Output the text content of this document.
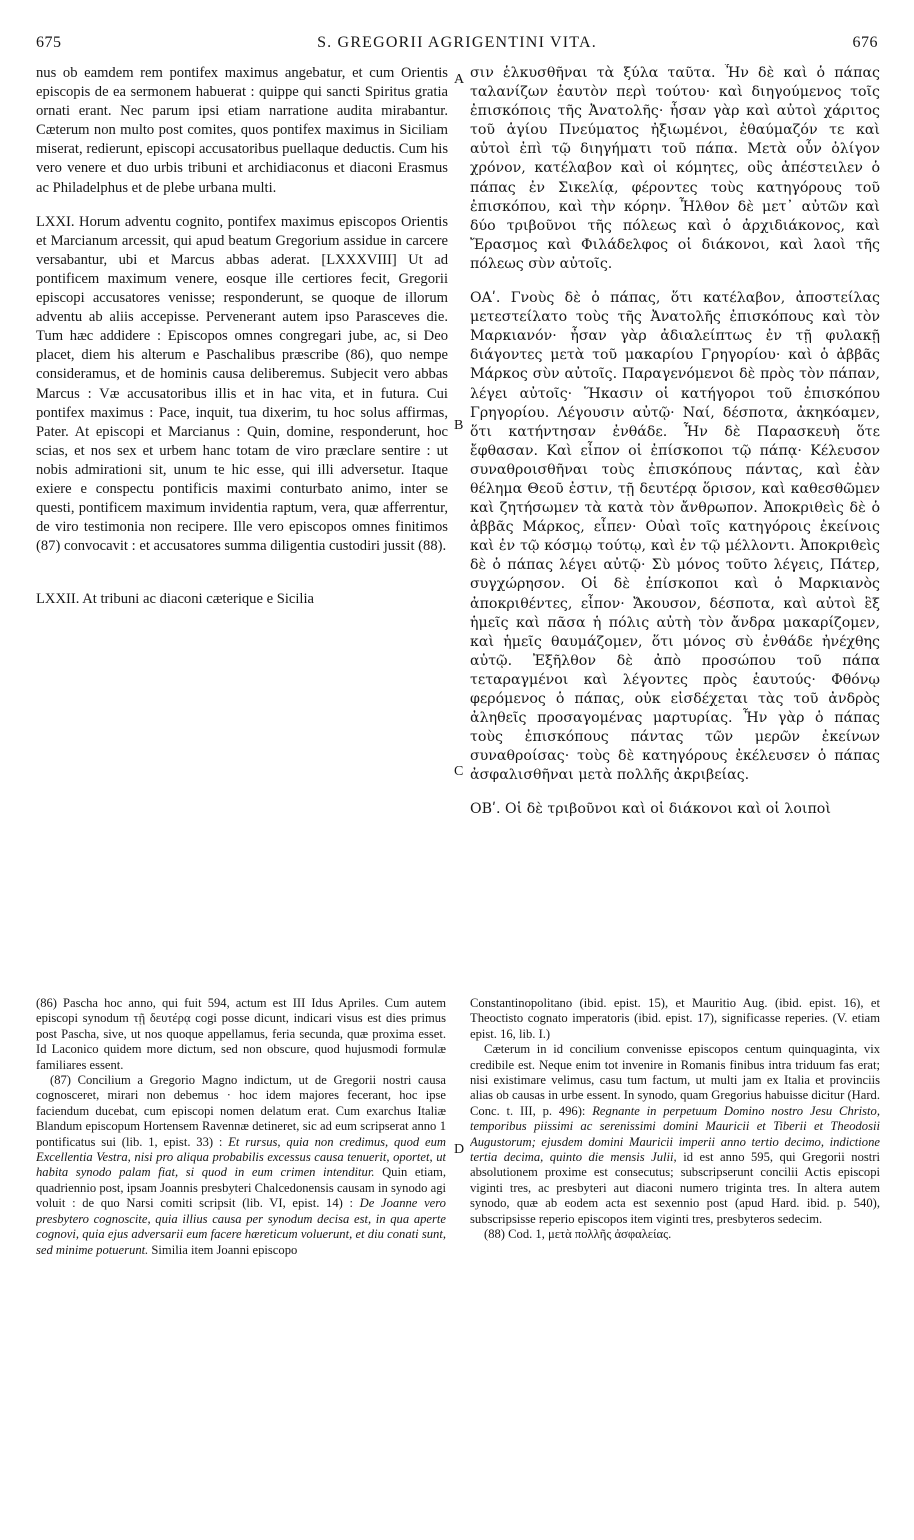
675	S. GREGORII AGRIGENTINI VITA.	676
A
B
C
D

nus ob eamdem rem pontifex maximus angebatur, et cum Orientis episcopis de ea sermonem habuerat : quippe qui sancti Spiritus gratia ornati erant. Nec parum ipsi etiam narratione audita mirabantur. Cæterum non multo post comites, quos pontifex maximus in Siciliam miserat, redierunt, episcopi accusatoribus puellaque deductis. Cum his vero venere et duo urbis tribuni et archidiaconus et diaconi Erasmus ac Philadelphus et de plebe urbana multi.

LXXI. Horum adventu cognito, pontifex maximus episcopos Orientis et Marcianum arcessit, qui apud beatum Gregorium assidue in carcere versabantur, ubi et Marcus abbas aderat. [LXXXVIII] Ut ad pontificem maximum venere, eosque ille certiores fecit, Gregorii episcopi accusatores venisse; responderunt, se quoque de illorum adventu ab aliis accepisse. Pervenerant autem ipso Parasceves die. Tum hæc addidere : Episcopos omnes congregari jube, ac, si Deo placet, diem his alterum e Paschalibus præscribe (86), quo nempe consideramus, et de hominis causa deliberemus. Subjecit vero abbas Marcus : Væ accusatoribus illis et in hac vita, et in futura. Cui pontifex maximus : Pace, inquit, tua dixerim, tu hoc solus affirmas, Pater. At episcopi et Marcianus : Quin, domine, responderunt, hoc scias, et nos sex et urbem hanc totam de viro præclare sentire : ut nobis admirationi sit, unum te hic esse, qui illi adversetur. Itaque exiere e conspectu pontificis maximi conturbato animo, inter se questi, pontificem maximum invidentia raptum, vera, quæ afferrentur, de viro testimonia non recipere. Ille vero episcopos omnes finitimos (87) convocavit : et accusatores summa diligentia custodiri jussit (88).

LXXII. At tribuni ac diaconi cæterique e Sicilia

σιν ἑλκυσθῆναι τὰ ξύλα ταῦτα. Ἦν δὲ καὶ ὁ πάπας ταλανίζων ἑαυτὸν περὶ τούτου· καὶ διηγούμενος τοῖς ἐπισκόποις τῆς Ἀνατολῆς· ἦσαν γὰρ καὶ αὐτοὶ χάριτος τοῦ ἁγίου Πνεύματος ἠξιωμένοι, ἐθαύμαζόν τε καὶ αὐτοὶ ἐπὶ τῷ διηγήματι τοῦ πάπα. Μετὰ οὖν ὀλίγον χρόνον, κατέλαβον καὶ οἱ κόμητες, οὓς ἀπέστειλεν ὁ πάπας ἐν Σικελίᾳ, φέροντες τοὺς κατηγόρους τοῦ ἐπισκόπου, καὶ τὴν κόρην. Ἦλθον δὲ μετ᾽ αὐτῶν καὶ δύο τριβοῦνοι τῆς πόλεως καὶ ὁ ἀρχιδιάκονος, καὶ Ἔρασμος καὶ Φιλάδελφος οἱ διάκονοι, καὶ λαοὶ τῆς πόλεως σὺν αὐτοῖς.

ΟΑʹ. Γνοὺς δὲ ὁ πάπας, ὅτι κατέλαβον, ἀποστείλας μετεστείλατο τοὺς τῆς Ἀνατολῆς ἐπισκόπους καὶ τὸν Μαρκιανόν· ἦσαν γὰρ ἀδιαλείπτως ἐν τῇ φυλακῇ διάγοντες μετὰ τοῦ μακαρίου Γρηγορίου· καὶ ὁ ἀββᾶς Μάρκος σὺν αὐτοῖς. Παραγενόμενοι δὲ πρὸς τὸν πάπαν, λέγει αὐτοῖς· Ἥκασιν οἱ κατήγοροι τοῦ ἐπισκόπου Γρηγορίου. Λέγουσιν αὐτῷ· Ναί, δέσποτα, ἀκηκόαμεν, ὅτι κατήντησαν ἐνθάδε. Ἦν δὲ Παρασκευὴ ὅτε ἔφθασαν. Καὶ εἶπον οἱ ἐπίσκοποι τῷ πάπᾳ· Κέλευσον συναθροισθῆναι τοὺς ἐπισκόπους πάντας, καὶ ἐὰν θέλημα Θεοῦ ἐστιν, τῇ δευτέρᾳ ὅρισον, καὶ καθεσθῶμεν καὶ ζητήσωμεν τὰ κατὰ τὸν ἄνθρωπον. Ἀποκριθεὶς δὲ ὁ ἀββᾶς Μάρκος, εἶπεν· Οὐαὶ τοῖς κατηγόροις ἐκείνοις καὶ ἐν τῷ κόσμῳ τούτῳ, καὶ ἐν τῷ μέλλοντι. Ἀποκριθεὶς δὲ ὁ πάπας λέγει αὐτῷ· Σὺ μόνος τοῦτο λέγεις, Πάτερ, συγχώρησον. Οἱ δὲ ἐπίσκοποι καὶ ὁ Μαρκιανὸς ἀποκριθέντες, εἶπον· Ἄκουσον, δέσποτα, καὶ αὐτοὶ ἓξ ἡμεῖς καὶ πᾶσα ἡ πόλις αὐτὴ τὸν ἄνδρα μακαρίζομεν, καὶ ἡμεῖς θαυμάζομεν, ὅτι μόνος σὺ ἐνθάδε ἠνέχθης αὐτῷ. Ἐξῆλθον δὲ ἀπὸ προσώπου τοῦ πάπα τεταραγμένοι καὶ λέγοντες πρὸς ἑαυτούς· Φθόνῳ φερόμενος ὁ πάπας, οὐκ εἰσδέχεται τὰς τοῦ ἀνδρὸς ἀληθεῖς προσαγομένας μαρτυρίας. Ἦν γὰρ ὁ πάπας τοὺς ἐπισκόπους πάντας τῶν μερῶν ἐκείνων συναθροίσας· τοὺς δὲ κατηγόρους ἐκέλευσεν ὁ πάπας ἀσφαλισθῆναι μετὰ πολλῆς ἀκριβείας.

ΟΒʹ. Οἱ δὲ τριβοῦνοι καὶ οἱ διάκονοι καὶ οἱ λοιποὶ

(86) Pascha hoc anno, qui fuit 594, actum est III Idus Apriles. Cum autem episcopi synodum τῇ δευτέρᾳ cogi posse dicunt, indicari visus est dies primus post Pascha, sive, ut nos quoque appellamus, feria secunda, quæ proxima esset. Id Laconico quidem more dictum, sed non obscure, quod hujusmodi formulæ familiares essent.

(87) Concilium a Gregorio Magno indictum, ut de Gregorii nostri causa cognosceret, mirari non debemus · hoc idem majores fecerant, hoc ipse faciendum ducebat, cum episcopi nomen delatum erat. Cum exarchus Italiæ Blandum episcopum Hortensem Ravennæ detineret, sic ad eum scripserat anno 1 pontificatus sui (lib. 1, epist. 33) : Et rursus, quia non credimus, quod eum Excellentia Vestra, nisi pro aliqua probabilis excessus causa tenuerit, oportet, ut habita synodo palam fiat, si quod in eum crimen intenditur. Quin etiam, quadriennio post, ipsam Joannis presbyteri Chalcedonensis causam in synodo agi voluit : de quo Narsi comiti scripsit (lib. VI, epist. 14) : De Joanne vero presbytero cognoscite, quia illius causa per synodum decisa est, in qua aperte cognovi, quia ejus adversarii eum facere hæreticum voluerunt, et diu conati sunt, sed minime potuerunt. Similia item Joanni episcopo

Constantinopolitano (ibid. epist. 15), et Mauritio Aug. (ibid. epist. 16), et Theoctisto cognato imperatoris (ibid. epist. 17), significasse reperies. (V. etiam epist. 16, lib. I.)

Cæterum in id concilium convenisse episcopos centum quinquaginta, vix credibile est. Neque enim tot invenire in Romanis finibus intra triduum fas erat; nisi existimare velimus, casu tum factum, ut multi jam ex Italia et provinciis alias ob causas in urbe essent. In synodo, quam Gregorius habuisse dicitur (Hard. Conc. t. III, p. 496): Regnante in perpetuum Domino nostro Jesu Christo, temporibus piissimi ac serenissimi domini Mauricii et Tiberii et Theodosii Augustorum; ejusdem domini Mauricii imperii anno tertio decimo, indictione tertia decima, quinto die mensis Julii, id est anno 595, qui Gregorii nostri absolutionem proxime est consecutus; subscripserunt concilii Actis episcopi viginti tres, ac presbyteri aut diaconi numero triginta tres. In altera autem synodo, quæ ab eodem acta est sexennio post (apud Hard. ibid. p. 540), subscripsisse reperio episcopos item viginti tres, presbyteros sedecim.

(88) Cod. 1, μετὰ πολλῆς ἀσφαλείας.
